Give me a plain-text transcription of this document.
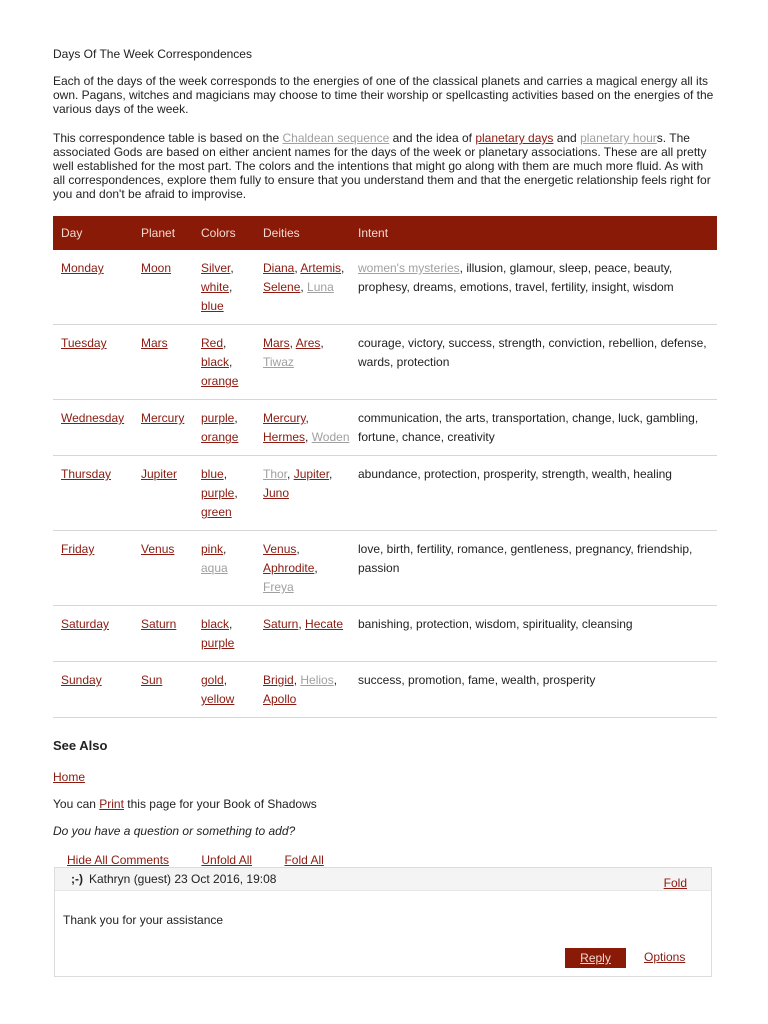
Days Of The Week Correspondences

Each of the days of the week corresponds to the energies of one of the classical planets and carries a magical energy all its own. Pagans, witches and magicians may choose to time their worship or spellcasting activities based on the energies of the various days of the week.

This correspondence table is based on the Chaldean sequence and the idea of planetary days and planetary hours. The associated Gods are based on either ancient names for the days of the week or planetary associations. These are all pretty well established for the most part. The colors and the intentions that might go along with them are much more fluid. As with all correspondences, explore them fully to ensure that you understand them and that the energetic relationship feels right for you and don't be afraid to improvise.

Day	Planet	Colors	Deities	Intent
Monday	Moon	Silver, white, blue	Diana, Artemis, Selene, Luna	women's mysteries, illusion, glamour, sleep, peace, beauty, prophesy, dreams, emotions, travel, fertility, insight, wisdom
Tuesday	Mars	Red, black, orange	Mars, Ares, Tiwaz	courage, victory, success, strength, conviction, rebellion, defense, wards, protection
Wednesday	Mercury	purple, orange	Mercury, Hermes, Woden	communication, the arts, transportation, change, luck, gambling, fortune, chance, creativity
Thursday	Jupiter	blue, purple, green	Thor, Jupiter, Juno	abundance, protection, prosperity, strength, wealth, healing
Friday	Venus	pink, aqua	Venus, Aphrodite, Freya	love, birth, fertility, romance, gentleness, pregnancy, friendship, passion
Saturday	Saturn	black, purple	Saturn, Hecate	banishing, protection, wisdom, spirituality, cleansing
Sunday	Sun	gold, yellow	Brigid, Helios, Apollo	success, promotion, fame, wealth, prosperity
See Also
Home

You can Print this page for your Book of Shadows

Do you have a question or something to add?

Hide All Comments	Unfold All	Fold All
;-) Kathryn (guest) 23 Oct 2016, 19:08	Fold

Thank you for your assistance

Reply	Options
